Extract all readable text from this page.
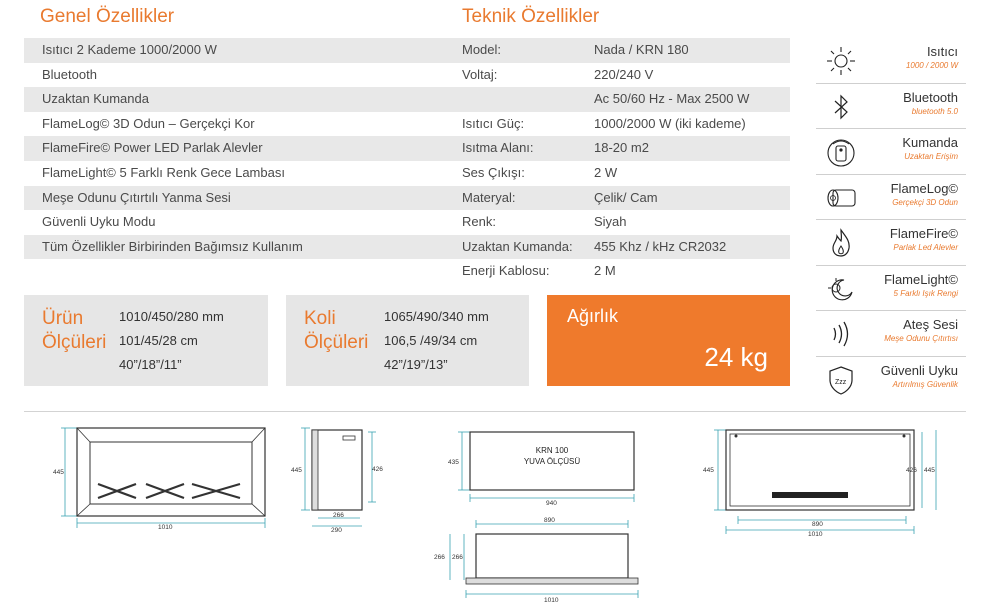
Genel Özellikler	Teknik Özellikler
Isıtıcı 2 Kademe 1000/2000 W
Bluetooth
Uzaktan Kumanda
FlameLog© 3D Odun – Gerçekçi Kor
FlameFire© Power LED Parlak Alevler
FlameLight© 5 Farklı Renk Gece Lambası
Meşe Odunu Çıtırtılı Yanma Sesi
Güvenli Uyku Modu
Tüm Özellikler Birbirinden Bağımsız Kullanım
Model:	Nada / KRN 180
Voltaj:	220/240 V
Ac 50/60 Hz - Max 2500 W
Isıtıcı Güç:	1000/2000 W (iki kademe)
Isıtma Alanı:	18-20 m2
Ses Çıkışı:	2 W
Materyal:	Çelik/ Cam
Renk:	Siyah
Uzaktan Kumanda: 455 Khz / kHz CR2032
Enerji Kablosu:	2 M
Ürün
Ölçüleri
1010/450/280 mm
101/45/28 cm
40”/18”/11”
Koli
Ölçüleri
1065/490/340 mm
106,5 /49/34 cm
42”/19”/13”
Ağırlık
24 kg
Isıtıcı
1000 / 2000 W
Bluetooth
bluetooth 5.0
Kumanda
Uzaktan Erişim
FlameLog©
Gerçekçi 3D Odun
FlameFire©
Parlak Led Alevler
FlameLight©
5 Farklı Işık Rengi
Ateş Sesi
Meşe Odunu Çıtırtısı
Zzz
Güvenli Uyku
Artırılmış Güvenlik
445
1010
445	426
266
290
KRN 100
YUVA ÖLÇÜSÜ
435
940
890
1010
266 266
445	426 445
890
1010
